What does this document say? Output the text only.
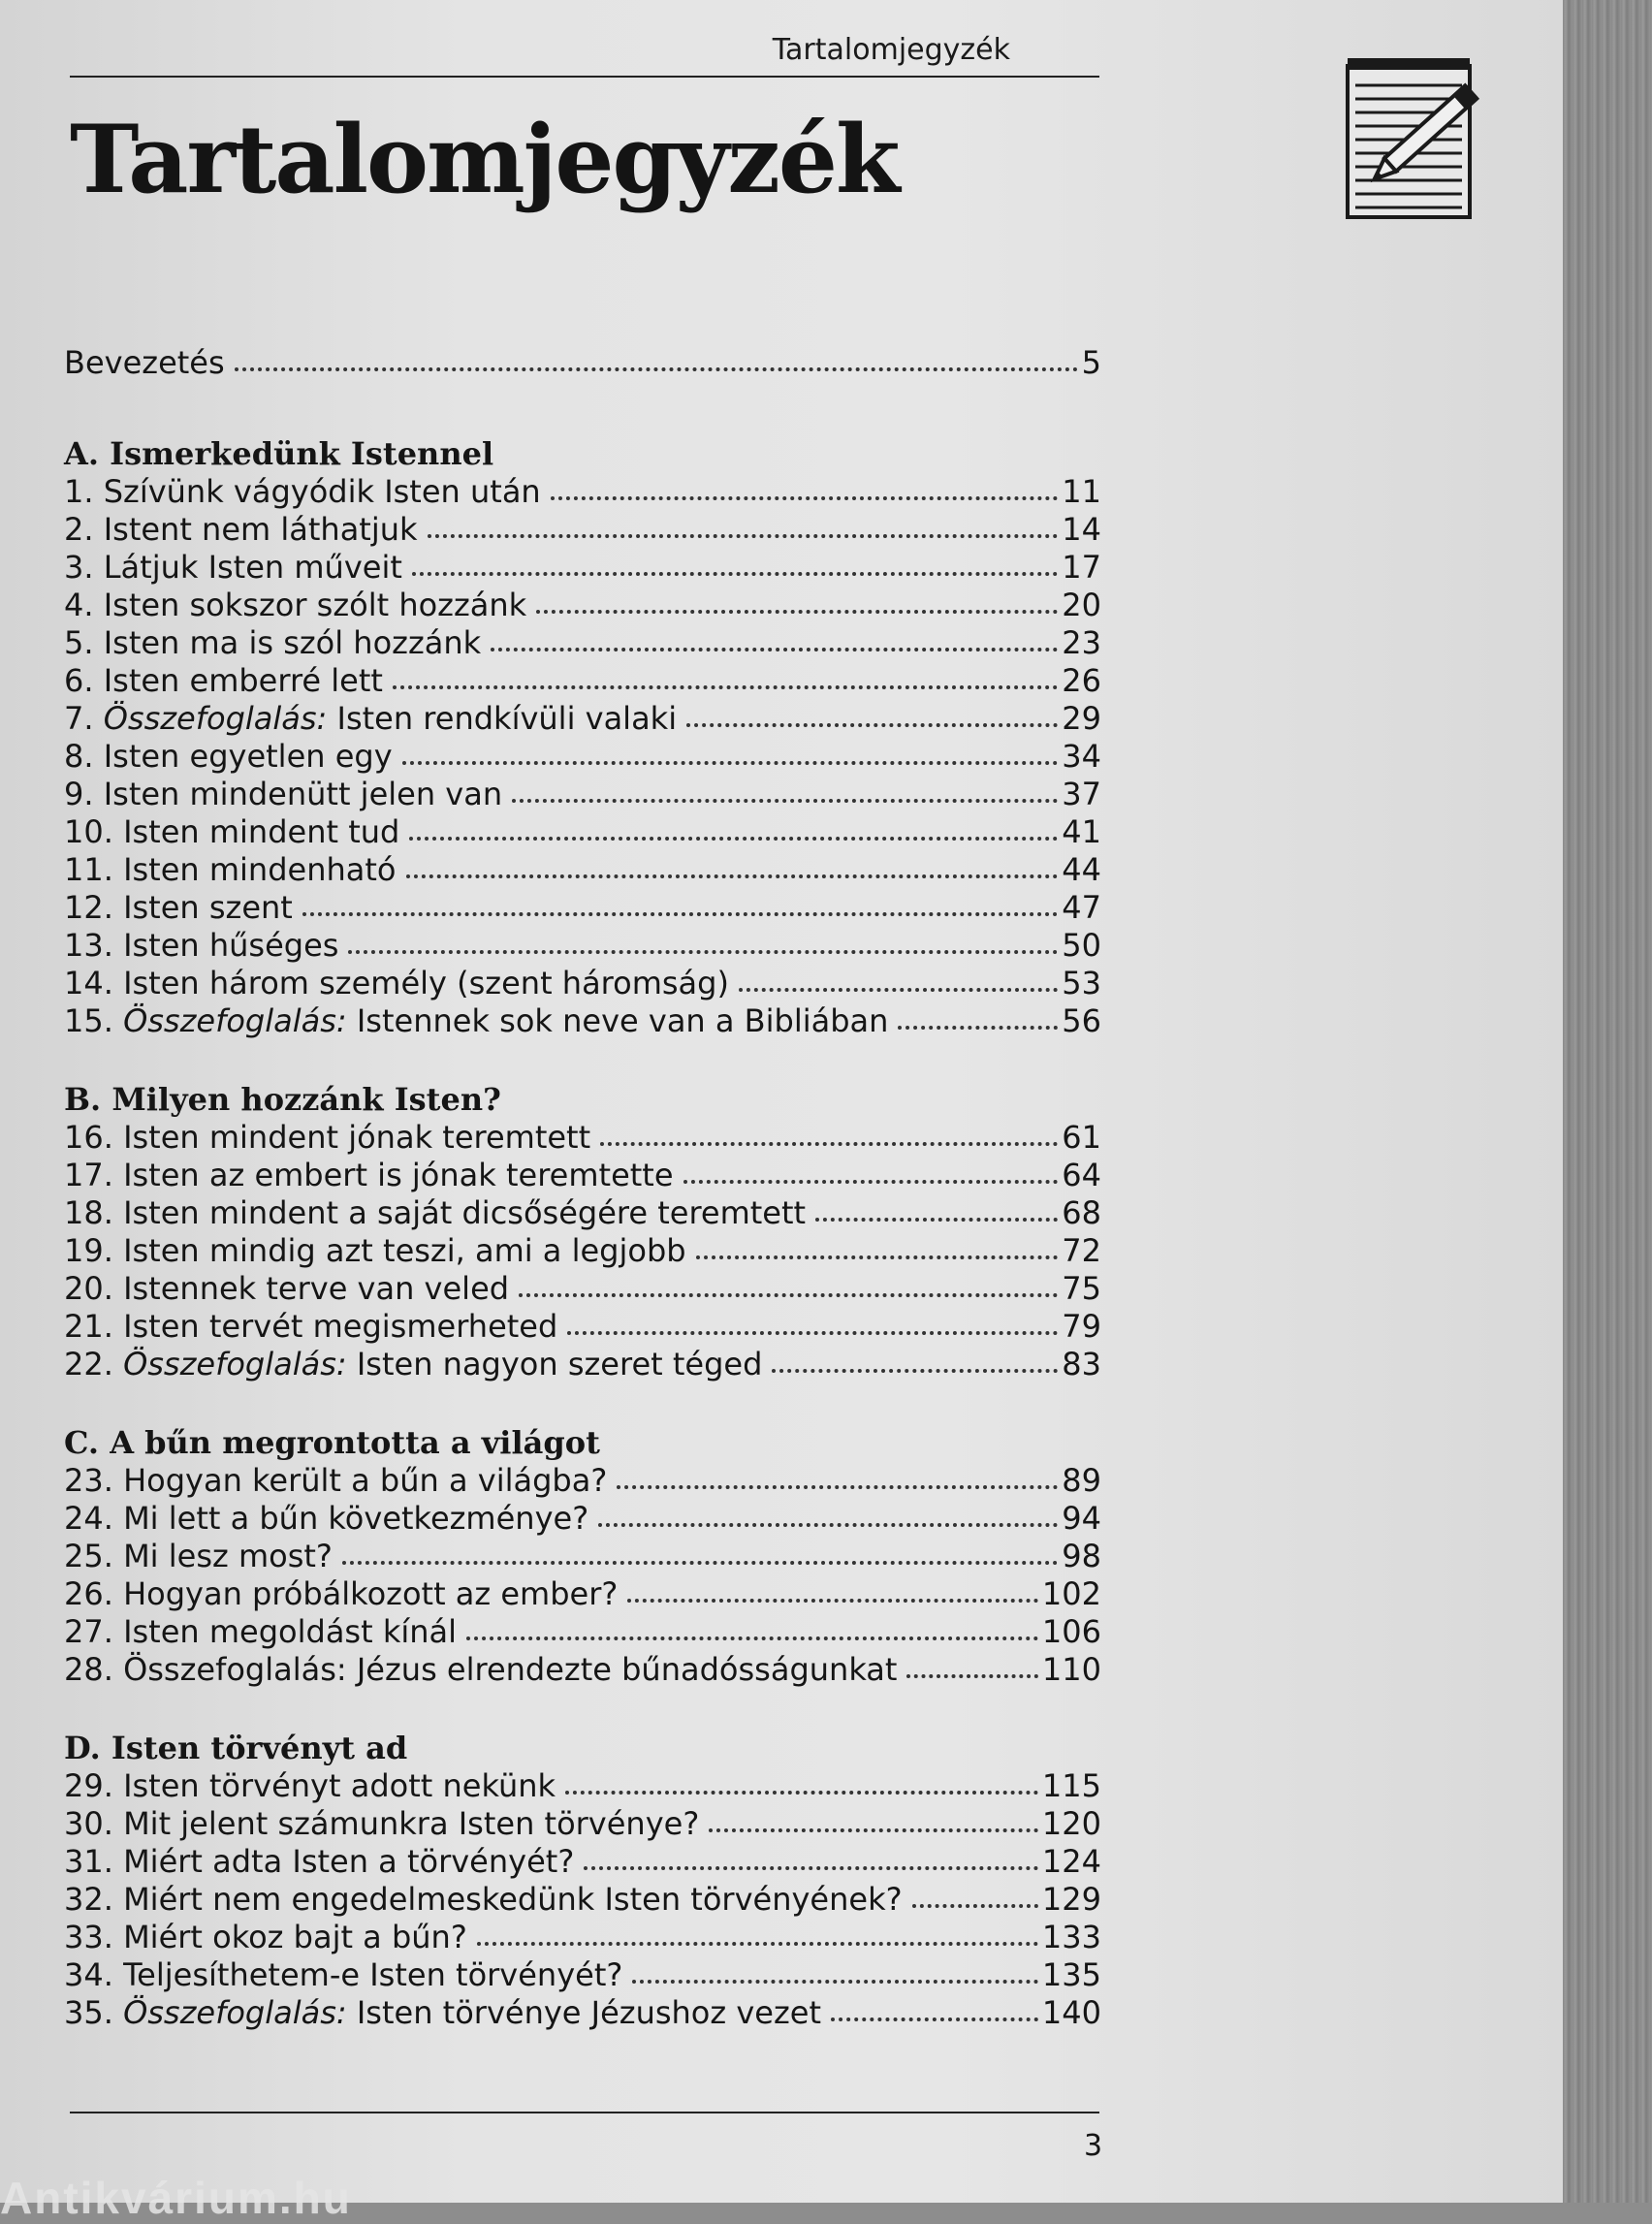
Tartalomjegyzék
Tartalomjegyzék
Bevezetés	5
A. Ismerkedünk Istennel
1. Szívünk vágyódik Isten után	11
2. Istent nem láthatjuk	14
3. Látjuk Isten műveit	17
4. Isten sokszor szólt hozzánk	20
5. Isten ma is szól hozzánk	23
6. Isten emberré lett	26
7. Összefoglalás: Isten rendkívüli valaki	29
8. Isten egyetlen egy	34
9. Isten mindenütt jelen van	37
10. Isten mindent tud	41
11. Isten mindenható	44
12. Isten szent	47
13. Isten hűséges	50
14. Isten három személy (szent háromság)	53
15. Összefoglalás: Istennek sok neve van a Bibliában	56
B. Milyen hozzánk Isten?
16. Isten mindent jónak teremtett	61
17. Isten az embert is jónak teremtette	64
18. Isten mindent a saját dicsőségére teremtett	68
19. Isten mindig azt teszi, ami a legjobb	72
20. Istennek terve van veled	75
21. Isten tervét megismerheted	79
22. Összefoglalás: Isten nagyon szeret téged	83
C. A bűn megrontotta a világot
23. Hogyan került a bűn a világba?	89
24. Mi lett a bűn következménye?	94
25. Mi lesz most?	98
26. Hogyan próbálkozott az ember?	102
27. Isten megoldást kínál	106
28. Összefoglalás: Jézus elrendezte bűnadósságunkat	110
D. Isten törvényt ad
29. Isten törvényt adott nekünk	115
30. Mit jelent számunkra Isten törvénye?	120
31. Miért adta Isten a törvényét?	124
32. Miért nem engedelmeskedünk Isten törvényének?	129
33. Miért okoz bajt a bűn?	133
34. Teljesíthetem-e Isten törvényét?	135
35. Összefoglalás: Isten törvénye Jézushoz vezet	140
3
Antikvárium.hu
